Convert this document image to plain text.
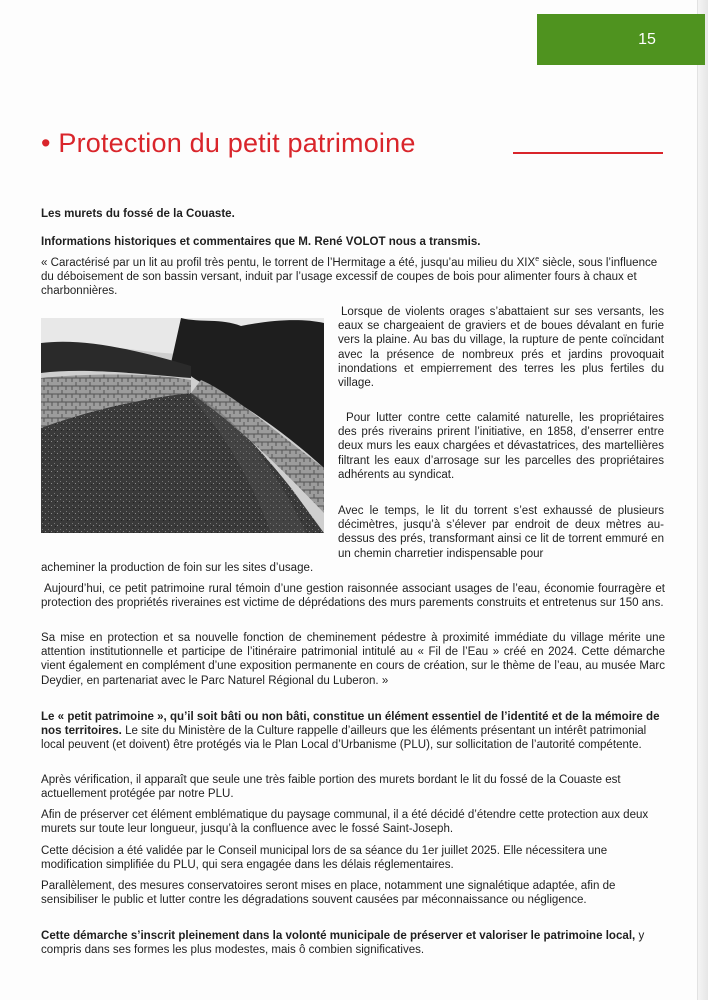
15
• Protection du petit patrimoine

Les murets du fossé de la Couaste.

Informations historiques et commentaires que M. René VOLOT nous a transmis.

« Caractérisé par un lit au profil très pentu, le torrent de l’Hermitage a été, jusqu’au milieu du XIXe siècle, sous l’influence du déboisement de son bassin versant, induit par l’usage excessif de coupes de bois pour alimenter fours à chaux et charbonnières.

Lorsque de violents orages s’abattaient sur ses versants, les eaux se chargeaient de graviers et de boues dévalant en furie vers la plaine. Au bas du village, la rupture de pente coïncidant avec la présence de nombreux prés et jardins provoquait inondations et empierrement des terres les plus fertiles du village.

Pour lutter contre cette calamité naturelle, les propriétaires des prés riverains prirent l’initiative, en 1858, d’enserrer entre deux murs les eaux chargées et dévastatrices, des martellières filtrant les eaux d’arrosage sur les parcelles des propriétaires adhérents au syndicat.

Avec le temps, le lit du torrent s’est exhaussé de plusieurs décimètres, jusqu’à s’élever par endroit de deux mètres au-dessus des prés, transformant ainsi ce lit de torrent emmuré en un chemin charretier indispensable pour

acheminer la production de foin sur les sites d’usage.

Aujourd’hui, ce petit patrimoine rural témoin d’une gestion raisonnée associant usages de l’eau, économie fourragère et protection des propriétés riveraines est victime de déprédations des murs parements construits et entretenus sur 150 ans.

Sa mise en protection et sa nouvelle fonction de cheminement pédestre à proximité immédiate du village mérite une attention institutionnelle et participe de l’itinéraire patrimonial intitulé au « Fil de l’Eau » créé en 2024. Cette démarche vient également en complément d’une exposition permanente en cours de création, sur le thème de l’eau, au musée Marc Deydier, en partenariat avec le Parc Naturel Régional du Luberon. »

Le « petit patrimoine », qu’il soit bâti ou non bâti, constitue un élément essentiel de l’identité et de la mémoire de nos territoires. Le site du Ministère de la Culture rappelle d’ailleurs que les éléments présentant un intérêt patrimonial local peuvent (et doivent) être protégés via le Plan Local d’Urbanisme (PLU), sur sollicitation de l’autorité compétente.

Après vérification, il apparaît que seule une très faible portion des murets bordant le lit du fossé de la Couaste est actuellement protégée par notre PLU.

Afin de préserver cet élément emblématique du paysage communal, il a été décidé d’étendre cette protection aux deux murets sur toute leur longueur, jusqu’à la confluence avec le fossé Saint-Joseph.

Cette décision a été validée par le Conseil municipal lors de sa séance du 1er juillet 2025. Elle nécessitera une modification simplifiée du PLU, qui sera engagée dans les délais réglementaires.

Parallèlement, des mesures conservatoires seront mises en place, notamment une signalétique adaptée, afin de sensibiliser le public et lutter contre les dégradations souvent causées par méconnaissance ou négligence.

Cette démarche s’inscrit pleinement dans la volonté municipale de préserver et valoriser le patrimoine local, y compris dans ses formes les plus modestes, mais ô combien significatives.
